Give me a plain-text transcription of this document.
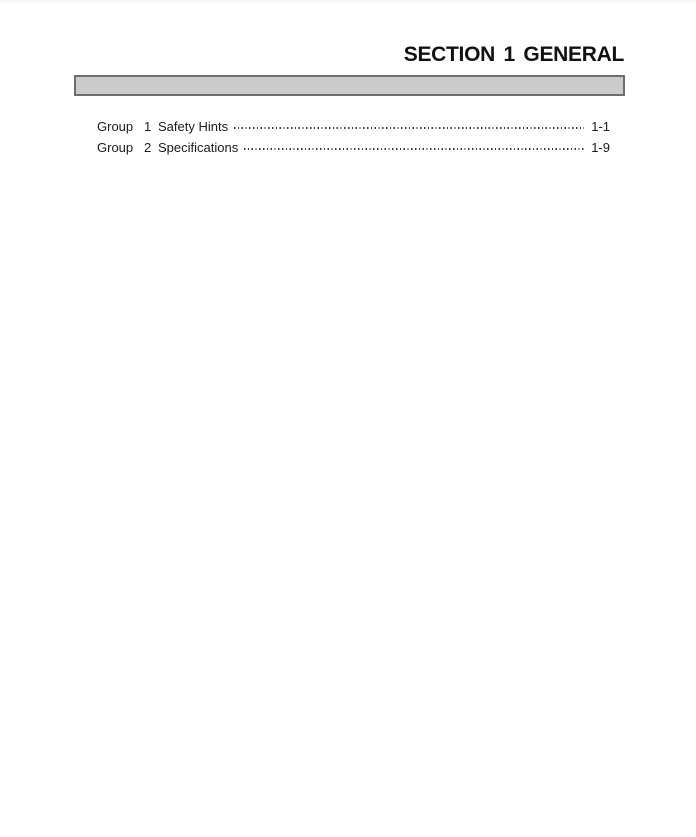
SECTION 1 GENERAL
Group 1 Safety Hints	1-1
Group 2 Specifications	1-9
